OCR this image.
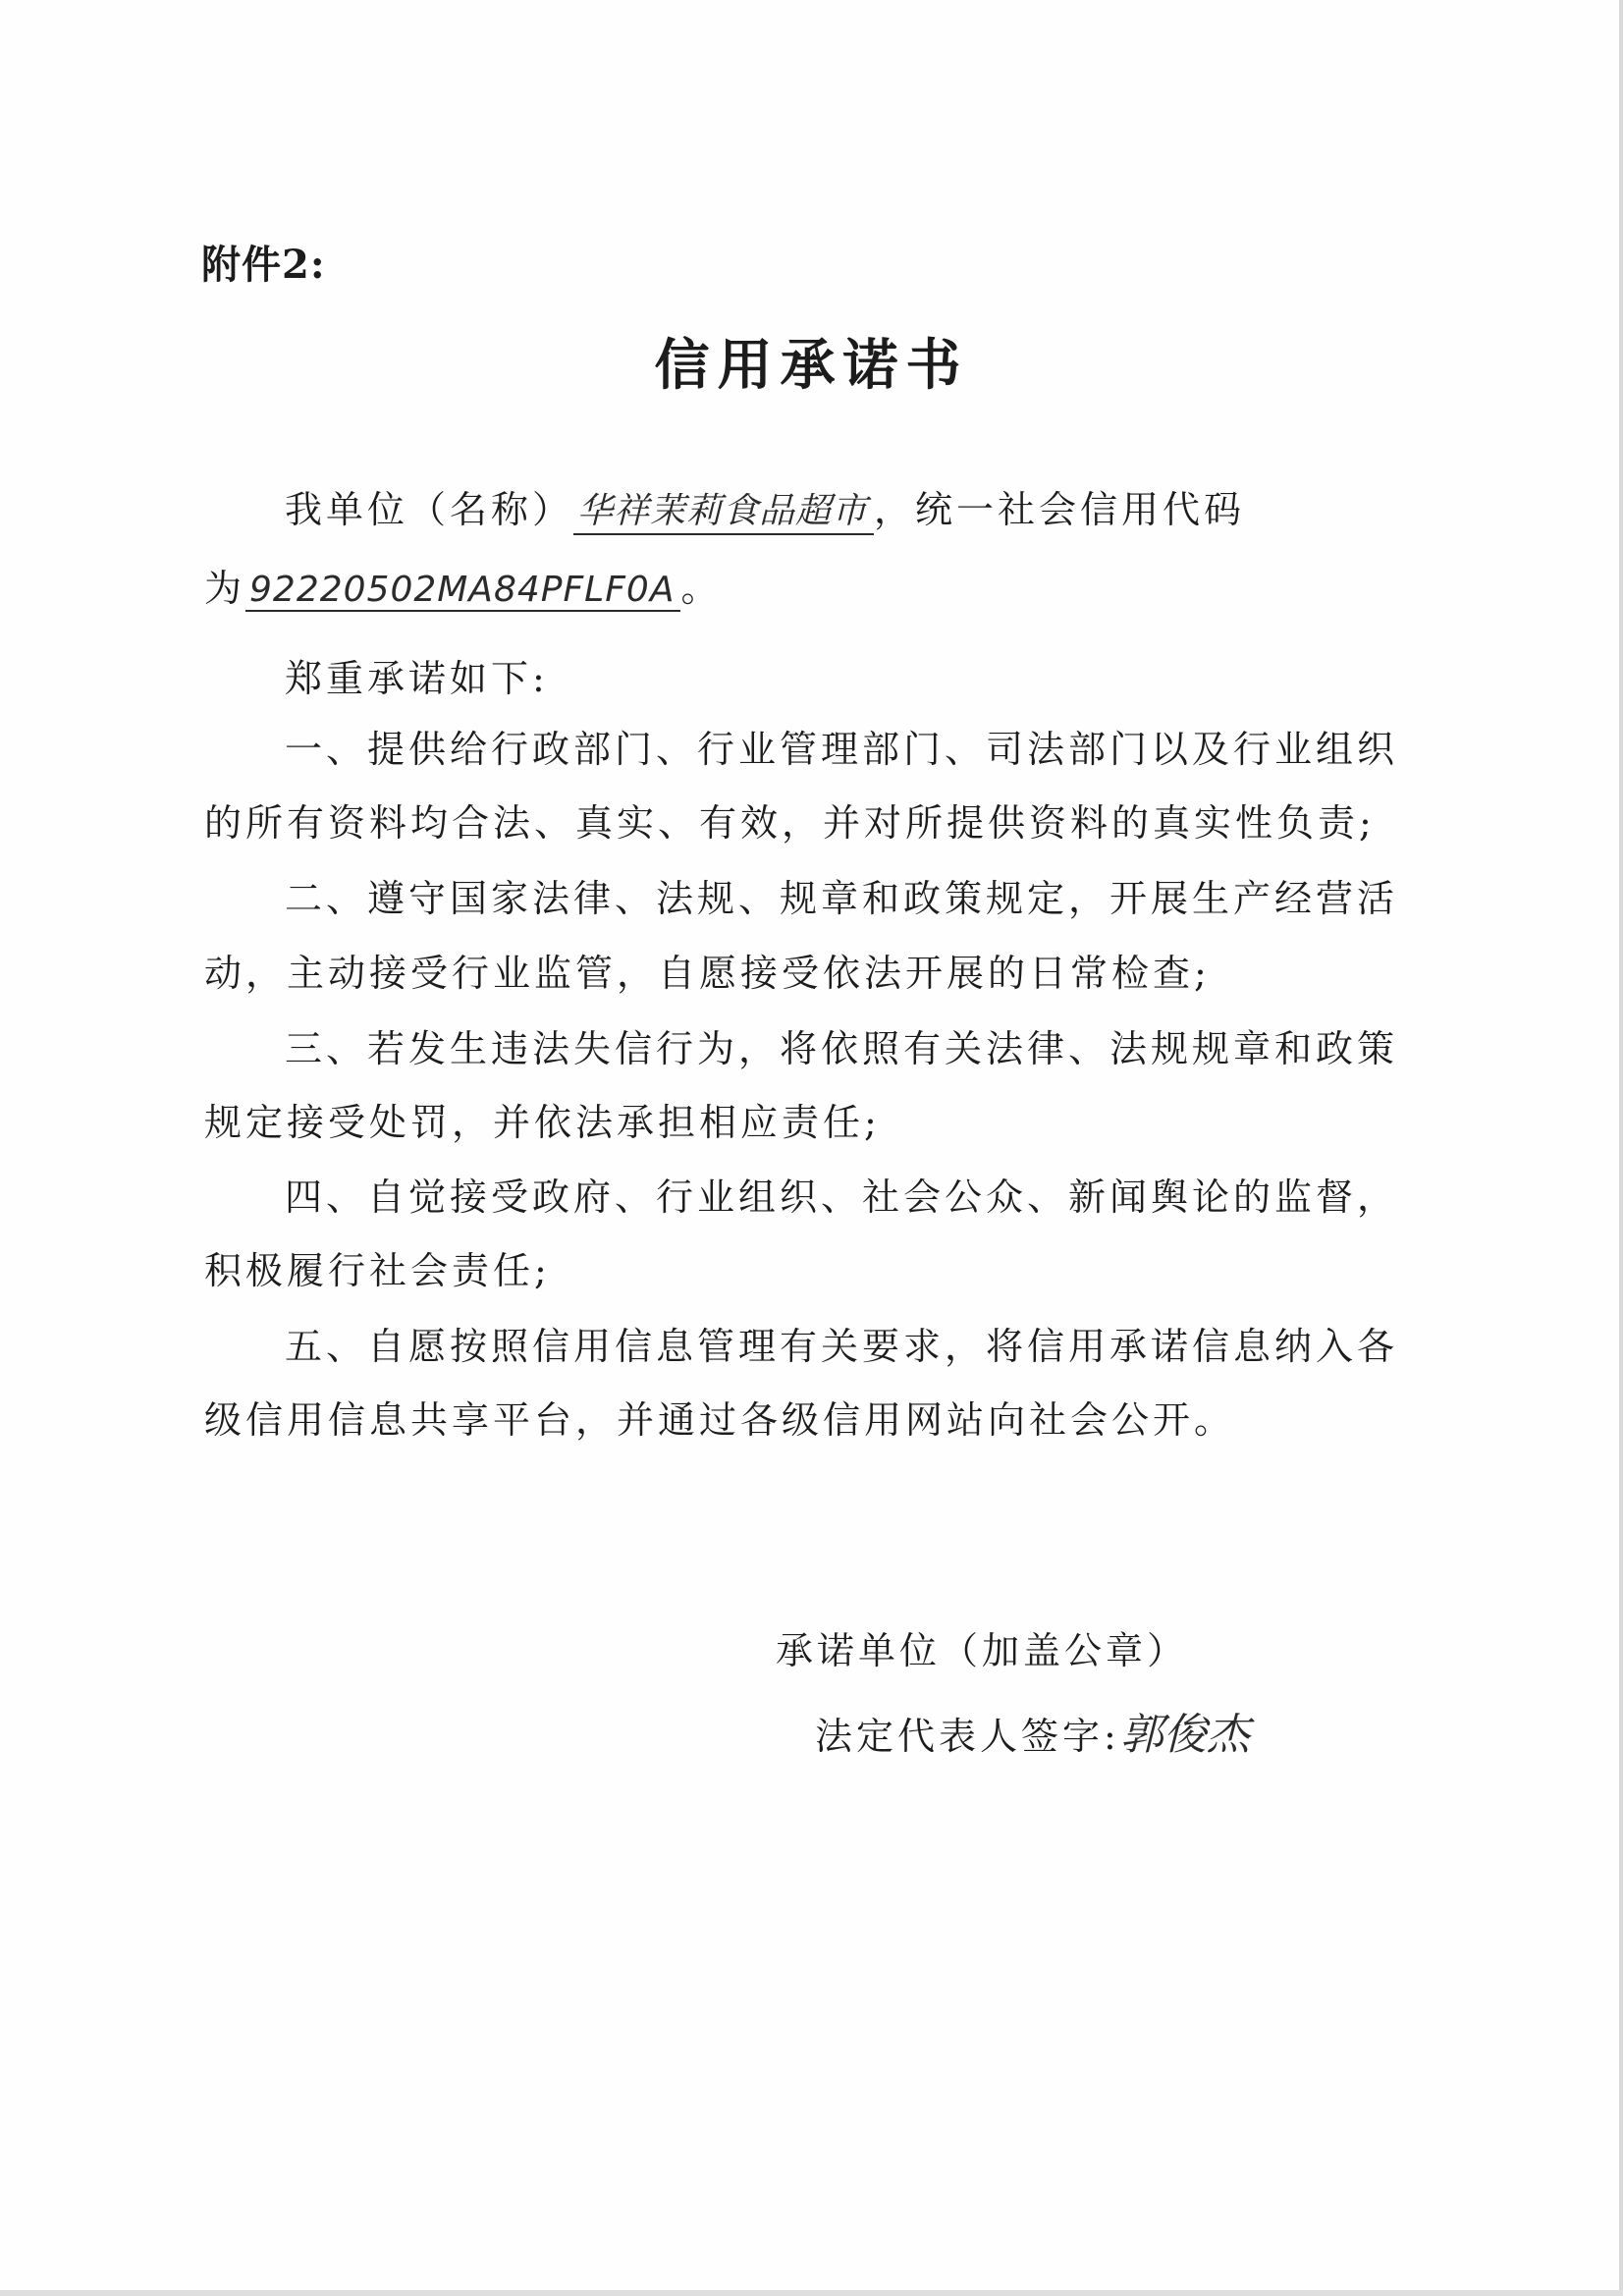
附件2:
信用承诺书
我单位（名称） 华祥茉莉食品超市 ，统一社会信用代码
为 92220502MA84PFLF0A 。
郑重承诺如下:
一、提供给行政部门、行业管理部门、司法部门以及行业组织
的所有资料均合法、真实、有效，并对所提供资料的真实性负责;
二、遵守国家法律、法规、规章和政策规定，开展生产经营活
动，主动接受行业监管，自愿接受依法开展的日常检查;
三、若发生违法失信行为，将依照有关法律、法规规章和政策
规定接受处罚，并依法承担相应责任;
四、自觉接受政府、行业组织、社会公众、新闻舆论的监督，
积极履行社会责任;
五、自愿按照信用信息管理有关要求，将信用承诺信息纳入各
级信用信息共享平台，并通过各级信用网站向社会公开。
承诺单位（加盖公章）
法定代表人签字:郭俊杰
